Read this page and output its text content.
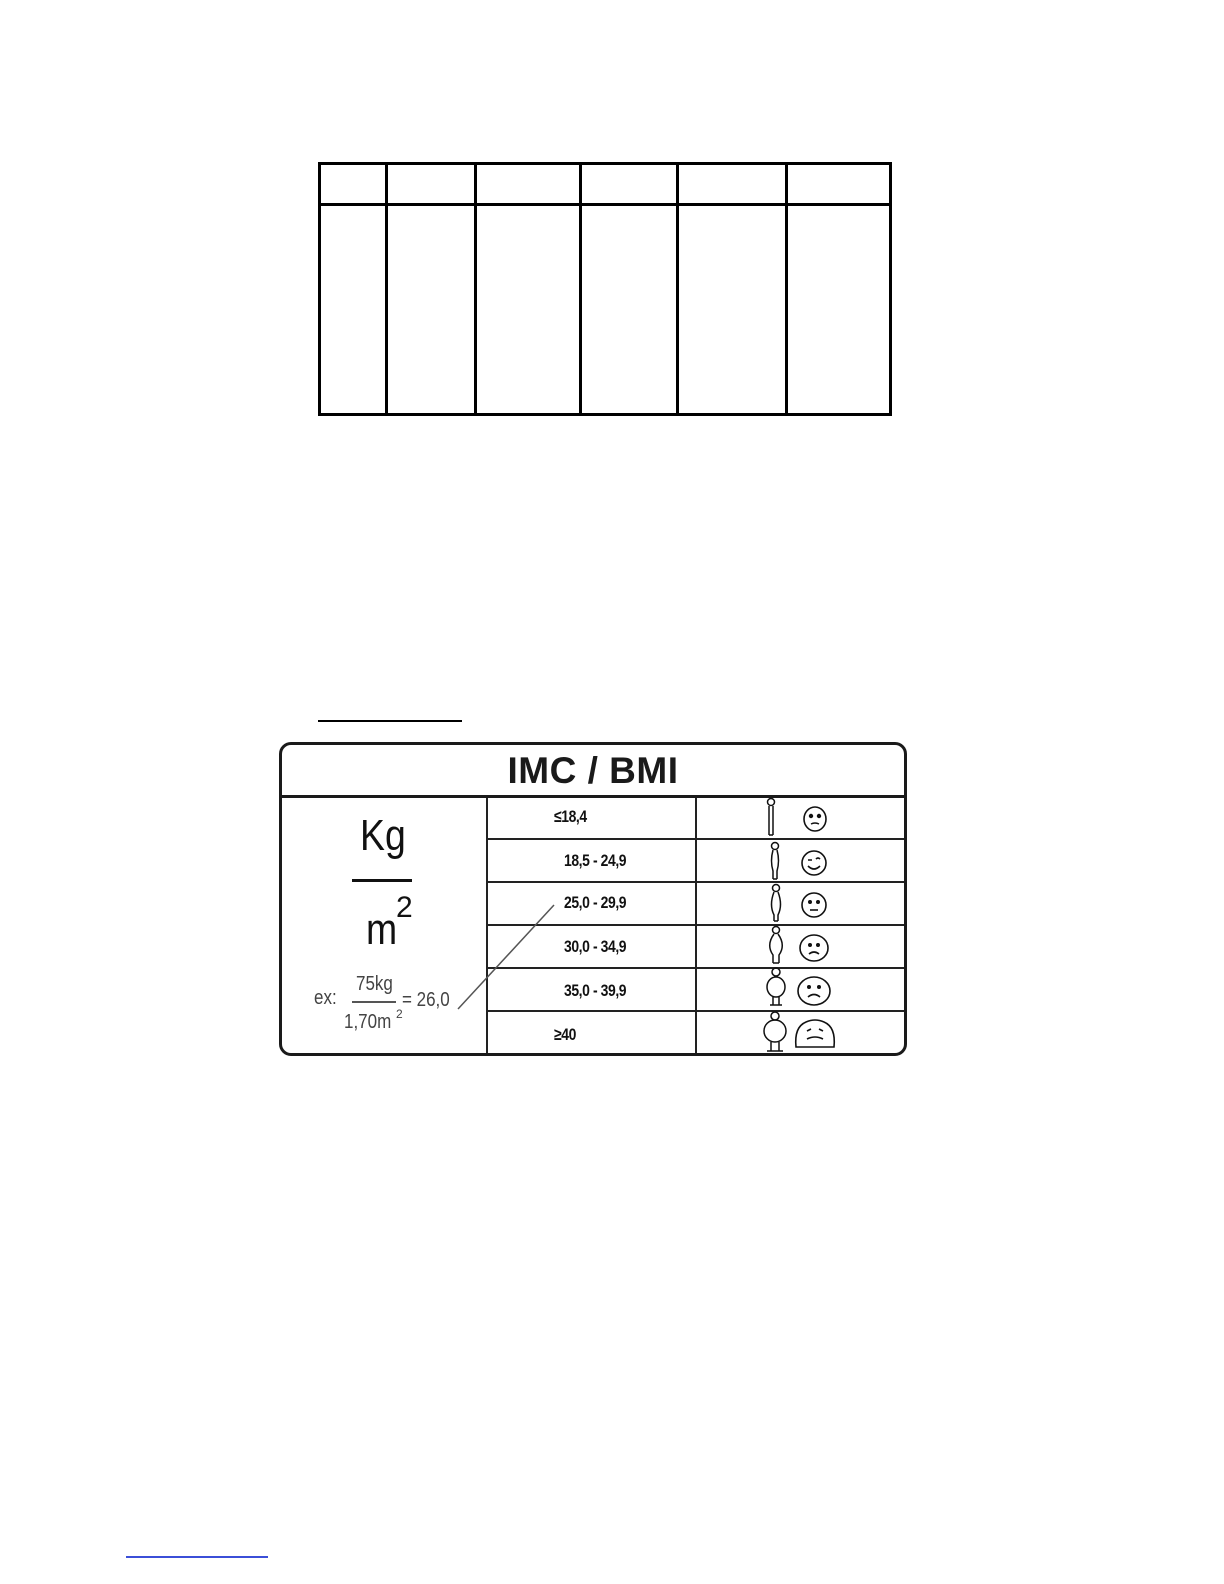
IMC / BMI
Kg
m
2
ex:
75kg
1,70m 2
= 26,0
≤18,4
18,5 - 24,9
25,0 - 29,9
30,0 - 34,9
35,0 - 39,9
≥40
